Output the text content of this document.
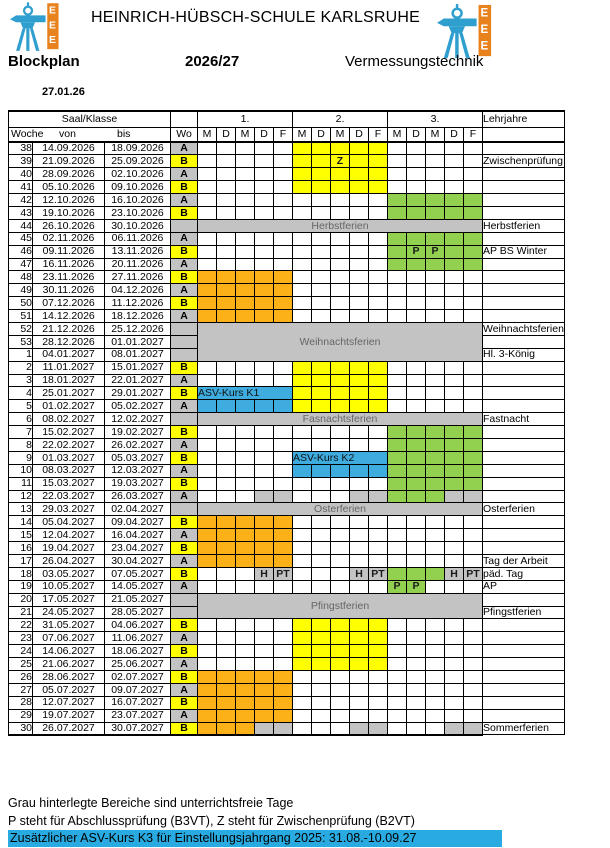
HEINRICH-HÜBSCH-SCHULE KARLSRUHE
Blockplan	2026/27	Vermessungstechnik
27.01.26
Saal/Klasse				1.					2.					3.					Lehrjahre

Woche von bis			Wo	M	D	M	D	F	M	D	M	D	F	M	D	M	D	F	
38	14.09.2026	18.09.2026	A																
39	21.09.2026	25.09.2026	B								Z								Zwischenprüfung
40	28.09.2026	02.10.2026	A																
41	05.10.2026	09.10.2026	B																
42	12.10.2026	16.10.2026	A																
43	19.10.2026	23.10.2026	B																
44	26.10.2026	30.10.2026		Herbstferien															Herbstferien
45	02.11.2026	06.11.2026	A																
46	09.11.2026	13.11.2026	B												P	P			AP BS Winter
47	16.11.2026	20.11.2026	A																
48	23.11.2026	27.11.2026	B																
49	30.11.2026	04.12.2026	A																
50	07.12.2026	11.12.2026	B																
51	14.12.2026	18.12.2026	A																
52	21.12.2026	25.12.2026		Weihnachtsferien															Weihnachtsferien
53	28.12.2026	01.01.2027																	
1	04.01.2027	08.01.2027																	Hl. 3-König
2	11.01.2027	15.01.2027	B																
3	18.01.2027	22.01.2027	A																
4	25.01.2027	29.01.2027	B	ASV-Kurs K1															
5	01.02.2027	05.02.2027	A																
6	08.02.2027	12.02.2027		Fasnachtsferien															Fastnacht
7	15.02.2027	19.02.2027	B																
8	22.02.2027	26.02.2027	A																
9	01.03.2027	05.03.2027	B						ASV-Kurs K2										
10	08.03.2027	12.03.2027	A																
11	15.03.2027	19.03.2027	B																
12	22.03.2027	26.03.2027	A																
13	29.03.2027	02.04.2027		Osterferien															Osterferien
14	05.04.2027	09.04.2027	B																
15	12.04.2027	16.04.2027	A																
16	19.04.2027	23.04.2027	B																
17	26.04.2027	30.04.2027	A																Tag der Arbeit
18	03.05.2027	07.05.2027	B				H	PT				H	PT				H	PT	päd. Tag
19	10.05.2027	14.05.2027	A											P	P				AP
20	17.05.2027	21.05.2027		Pfingstferien															
21	24.05.2027	28.05.2027																	Pfingstferien
22	31.05.2027	04.06.2027	B																
23	07.06.2027	11.06.2027	A																
24	14.06.2027	18.06.2027	B																
25	21.06.2027	25.06.2027	A																
26	28.06.2027	02.07.2027	B																
27	05.07.2027	09.07.2027	A																
28	12.07.2027	16.07.2027	B																
29	19.07.2027	23.07.2027	A																
30	26.07.2027	30.07.2027	B																Sommerferien
Grau hinterlegte Bereiche sind unterrichtsfreie Tage
P steht für Abschlussprüfung (B3VT), Z steht für Zwischenprüfung (B2VT)
Zusätzlicher ASV-Kurs K3 für Einstellungsjahrgang 2025: 31.08.-10.09.27
